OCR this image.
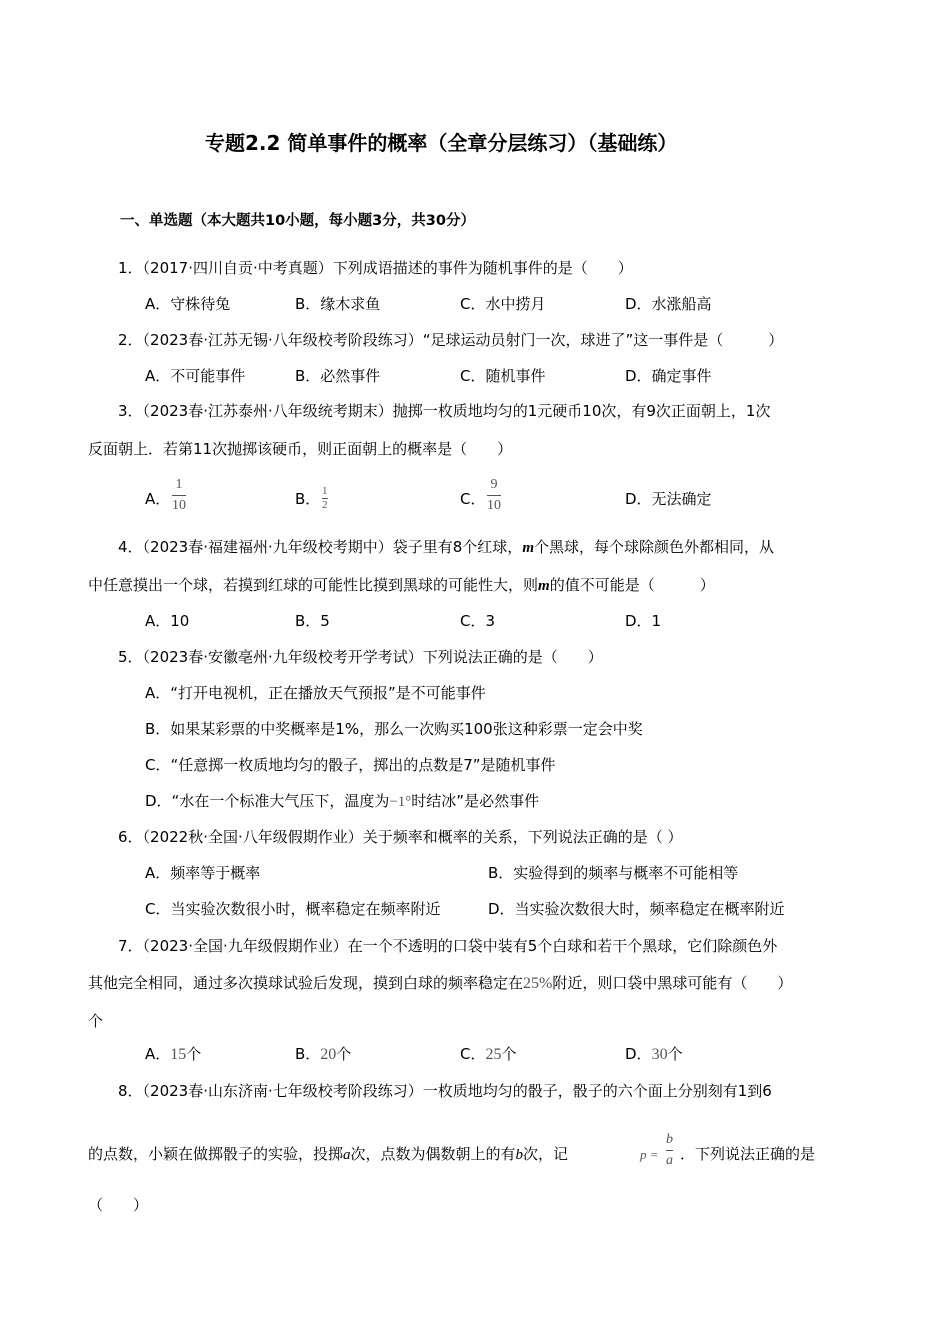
专题2.2 简单事件的概率（全章分层练习）（基础练）
一、单选题（本大题共10小题，每小题3分，共30分）
1．（2017·四川自贡·中考真题）下列成语描述的事件为随机事件的是（　　）
A．守株待兔	B．缘木求鱼	C．水中捞月	D．水涨船高
2．（2023春·江苏无锡·八年级校考阶段练习）“足球运动员射门一次，球进了”这一事件是（　　　）
A．不可能事件	B．必然事件	C．随机事件	D．确定事件
3．（2023春·江苏泰州·八年级统考期末）抛掷一枚质地均匀的1元硬币10次，有9次正面朝上，1次
反面朝上．若第11次抛掷该硬币，则正面朝上的概率是（　　）
A．
1
10	B． 1
2	C．
9
10	D．无法确定
4．（2023春·福建福州·九年级校考期中）袋子里有8个红球，m个黑球，每个球除颜色外都相同，从
中任意摸出一个球，若摸到红球的可能性比摸到黑球的可能性大，则m的值不可能是（　　　）
A．10	B．5	C．3	D．1
5．（2023春·安徽亳州·九年级校考开学考试）下列说法正确的是（　　）
A．“打开电视机，正在播放天气预报”是不可能事件
B．如果某彩票的中奖概率是1%，那么一次购买100张这种彩票一定会中奖
C．“任意掷一枚质地均匀的骰子，掷出的点数是7”是随机事件
D．“水在一个标准大气压下，温度为−1°时结冰”是必然事件
6．（2022秋·全国·八年级假期作业）关于频率和概率的关系，下列说法正确的是（ ）
A．频率等于概率	B．实验得到的频率与概率不可能相等
C．当实验次数很小时，概率稳定在频率附近	D．当实验次数很大时，频率稳定在概率附近
7．（2023·全国·九年级假期作业）在一个不透明的口袋中装有5个白球和若干个黑球，它们除颜色外
其他完全相同，通过多次摸球试验后发现，摸到白球的频率稳定在25%附近，则口袋中黑球可能有（　　）
个
A．15个	B．20个	C．25个	D．30个
8．（2023春·山东济南·七年级校考阶段练习）一枚质地均匀的骰子，骰子的六个面上分别刻有1到6
的点数，小颖在做掷骰子的实验，投掷a次，点数为偶数朝上的有b次，记	p =
b
a ．下列说法正确的是
（　　）
